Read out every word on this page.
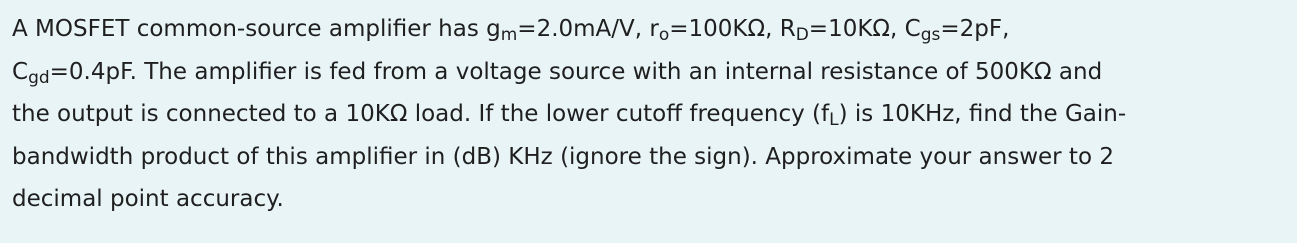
A MOSFET common-source amplifier has $g_m=2.0mA/V$, $r_o=100K\Omega$, $R_D=10K\Omega$, $C_{gs}=2pF$,
$C_{gd}=0.4pF$. The amplifier is fed from a voltage source with an internal resistance of 500KΩ and
the output is connected to a 10KΩ load. If the lower cutoff frequency $(f_L)$ is 10KHz, find the Gain-
bandwidth product of this amplifier in (dB) KHz (ignore the sign). Approximate your answer to 2
decimal point accuracy.
